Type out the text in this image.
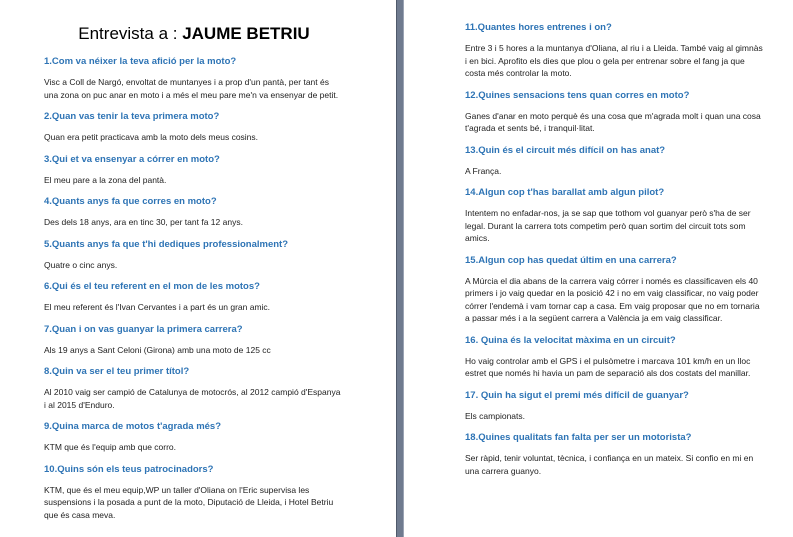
Entrevista a : JAUME BETRIU
1.Com va néixer la teva afició per la moto?
Visc a Coll de Nargó, envoltat de muntanyes i a prop d'un pantà, per tant és una zona on puc anar en moto i a més el meu pare me'n va ensenyar de petit.
2.Quan vas tenir la teva primera moto?
Quan era petit practicava amb la moto dels meus cosins.
3.Qui et va ensenyar a córrer en moto?
El meu pare a la zona del pantà.
4.Quants anys fa que corres en moto?
Des dels 18 anys, ara en tinc 30, per tant fa 12 anys.
5.Quants anys fa que t'hi dediques professionalment?
Quatre o cinc anys.
6.Qui és el teu referent en el mon de les motos?
El meu referent és l'Ivan Cervantes i a part és un gran amic.
7.Quan i on vas guanyar la primera carrera?
Als 19 anys a Sant Celoni (Girona) amb una moto de 125 cc
8.Quin va ser el teu primer títol?
Al 2010 vaig ser campió de Catalunya de motocrós, al 2012 campió d'Espanya i al 2015 d'Enduro.
9.Quina marca de motos t'agrada més?
KTM que és l'equip amb que corro.
10.Quins són els teus patrocinadors?
KTM, que és el meu equip,WP un taller d'Oliana on l'Eric supervisa les suspensions i la posada a punt de la moto, Diputació de Lleida, i Hotel Betriu que és casa meva.
11.Quantes hores entrenes i on?
Entre 3 i 5 hores a la muntanya d'Oliana, al riu i a Lleida. També vaig al gimnàs i en bici. Aprofito els dies que plou o gela per entrenar sobre el fang ja que costa més controlar la moto.
12.Quines sensacions tens quan corres en moto?
Ganes d'anar en moto perquè és una cosa que m'agrada molt i quan una cosa t'agrada et sents bé, i tranquil·litat.
13.Quin és el circuit més difícil on has anat?
A França.
14.Algun cop t'has barallat amb algun pilot?
Intentem no enfadar-nos, ja se sap que tothom vol guanyar però s'ha de ser legal. Durant la carrera tots competim però quan sortim del circuit tots som amics.
15.Algun cop has quedat últim en una carrera?
A Múrcia el dia abans de la carrera vaig córrer i només es classificaven els 40 primers i jo vaig quedar en la posició 42 i no em vaig classificar, no vaig poder córrer l'endemà i vam tornar cap a casa. Em vaig proposar que no em tornaria a passar més i a la següent carrera a València ja em vaig classificar.
16. Quina és la velocitat màxima en un circuit?
Ho vaig controlar amb el GPS i el pulsòmetre i marcava 101 km/h en un lloc estret que només hi havia un pam de separació als dos costats del manillar.
17. Quin ha sigut el premi més difícil de guanyar?
Els campionats.
18.Quines qualitats fan falta per ser un motorista?
Ser ràpid, tenir voluntat, tècnica, i confiança en un mateix. Si confio en mi en una carrera guanyo.
